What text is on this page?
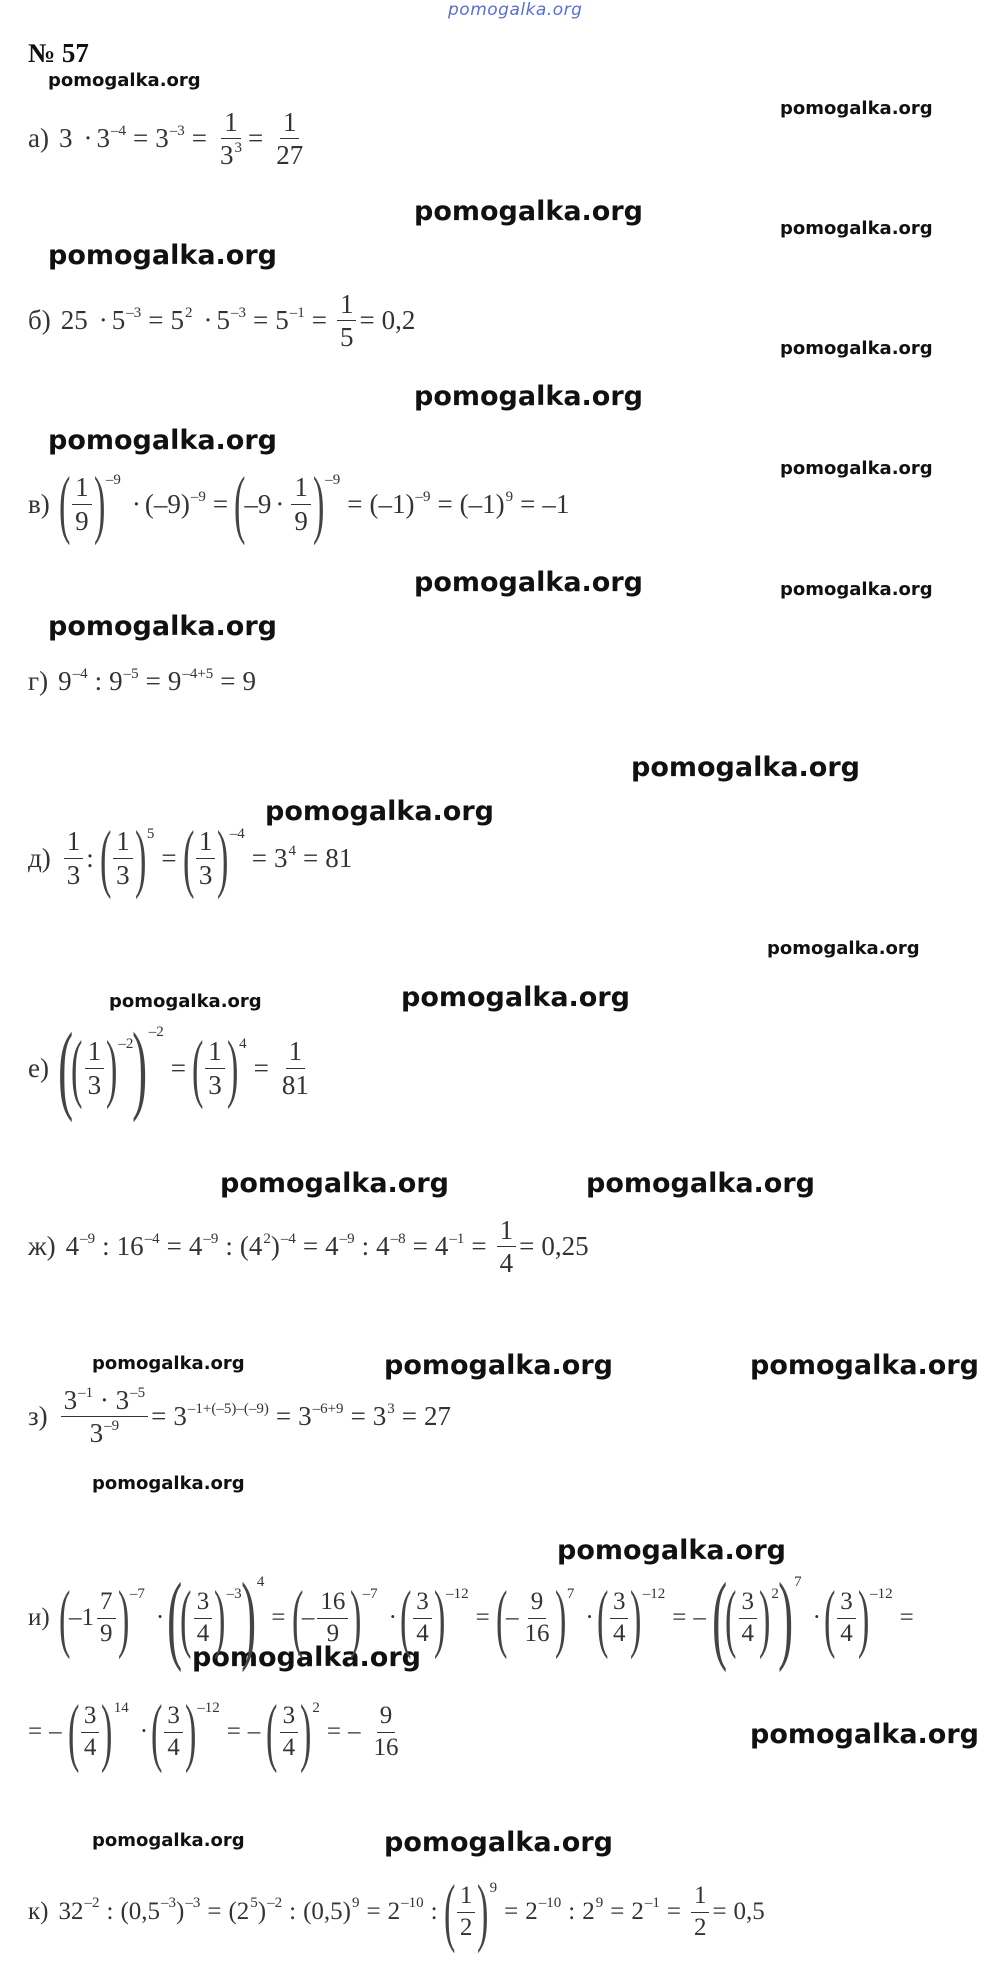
pomogalka.org
№ 57
pomogalka.org
pomogalka.org
pomogalka.org
pomogalka.org
pomogalka.org
pomogalka.org
pomogalka.org
pomogalka.org
pomogalka.org
pomogalka.org	pomogalka.org
pomogalka.org
pomogalka.org
pomogalka.org
pomogalka.org
pomogalka.org	pomogalka.org
pomogalka.org	pomogalka.org
pomogalka.org	pomogalka.org	pomogalka.org
pomogalka.org
pomogalka.org
pomogalka.org
pomogalka.org
pomogalka.org	pomogalka.org
а) $3 \cdot 3^{-4} = 3^{-3} = \frac{1}{3^3} = \frac{1}{27}$
б) $25 \cdot 5^{-3} = 5^2 \cdot 5^{-3} = 5^{-1} = \frac{1}{5} = 0,2$
в) ( $\frac{1}{9}$ ) –9
· $(-9)^{-9}$ = (
$-9 \cdot \frac{1}{9}$ ) –9
= $(-1)^{-9} = (-1)^9 = -1$
г) $9^{-4}$ : $9^{-5} = 9^{-4+5} = 9$
$д) \frac{1}{3}$ : ( $\frac{1}{3}$ ) 5
= ( $\frac{1}{3}$ ) –4
= $3^4 = 81$
е) (
( $\frac{1}{3}$ ) –2 ) –2
= ( $\frac{1}{3}$ ) 4
= $\frac{1}{81}$
ж) $4^{-9}$ : $16^{-4} = 4^{-9}$ : $(4^2)^{-4} = 4^{-9}$ : $4^{-8} = 4^{-1} = \frac{1}{4} = 0,25$
$з) \frac{3^{-1} \cdot 3^{-5}}{3^{-9}} = 3^{-1+(-5)-(-9)} = 3^{-6+9} = 3^3 = 27$
и) (
$-1 \frac{7}{9}$ ) –7
· (
( $\frac{3}{4}$ ) –3 ) 4
= (
– $\frac{16}{9}$ ) –7
· ( $\frac{3}{4}$ ) –12
= (
– $\frac{9}{16}$ ) 7
· ( $\frac{3}{4}$ ) –12
= – (
( $\frac{3}{4}$ ) 2 ) 7
· ( $\frac{3}{4}$ ) –12
=
= – ( $\frac{3}{4}$ ) 14
· ( $\frac{3}{4}$ ) –12
= – ( $\frac{3}{4}$ ) 2
= – $\frac{9}{16}$
к) $32^{-2}$ : $(0,5^{-3})^{-3} = (2^5)^{-2}$ : $(0,5)^9 = 2^{-10}$ : ( $\frac{1}{2}$ ) 9
= $2^{-10}$ : $2^9 = 2^{-1} = \frac{1}{2} = 0,5$
